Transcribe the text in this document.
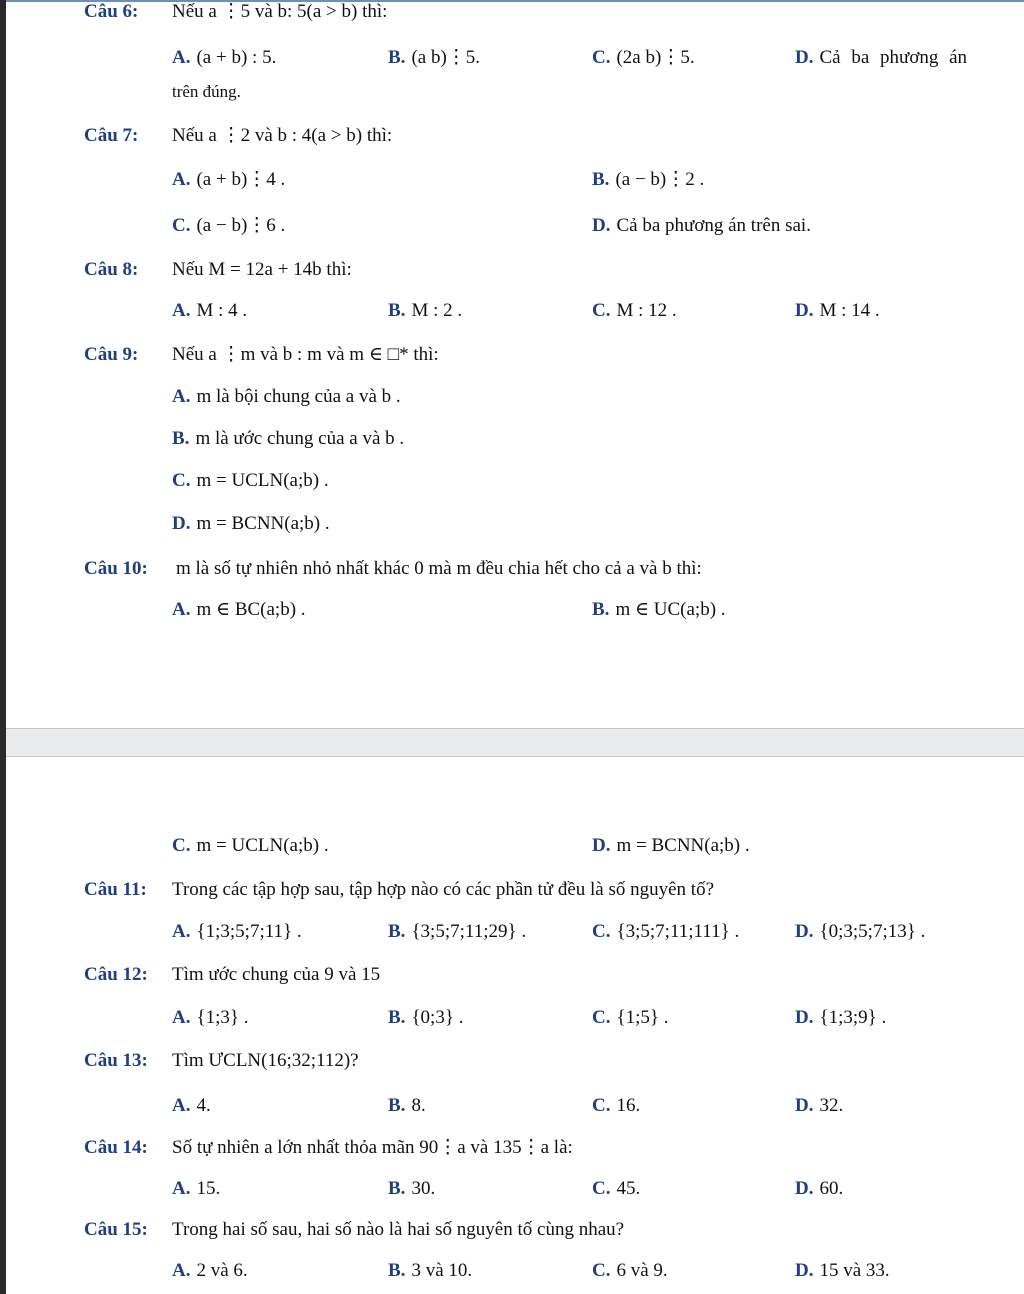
Câu 6: Nếu a ⋮5 và b: 5(a > b) thì:
A. (a + b) : 5.	B. (a b)⋮5.	C. (2a b)⋮5.	D. Cả ba phương án
trên đúng.
Câu 7: Nếu a ⋮2 và b : 4(a > b) thì:
A. (a + b)⋮4 .	B. (a − b)⋮2 .
C. (a − b)⋮6 .	D. Cả ba phương án trên sai.
Câu 8: Nếu M = 12a + 14b thì:
A. M : 4 .	B. M : 2 .	C. M : 12 .	D. M : 14 .
Câu 9: Nếu a ⋮m và b : m và m ∈ □* thì:
A. m là bội chung của a và b .
B. m là ước chung của a và b .
C. m = UCLN(a;b) .
D. m = BCNN(a;b) .
Câu 10: m là số tự nhiên nhỏ nhất khác 0 mà m đều chia hết cho cả a và b thì:
A. m ∈ BC(a;b) .	B. m ∈ UC(a;b) .
C. m = UCLN(a;b) .	D. m = BCNN(a;b) .
Câu 11: Trong các tập hợp sau, tập hợp nào có các phần tử đều là số nguyên tố?
A. {1;3;5;7;11} .	B. {3;5;7;11;29} .	C. {3;5;7;11;111} .	D. {0;3;5;7;13} .
Câu 12: Tìm ước chung của 9 và 15
A. {1;3} .	B. {0;3} .	C. {1;5} .	D. {1;3;9} .
Câu 13: Tìm ƯCLN(16;32;112)?
A. 4.	B. 8.	C. 16.	D. 32.
Câu 14: Số tự nhiên a lớn nhất thỏa mãn 90⋮a và 135⋮a là:
A. 15.	B. 30.	C. 45.	D. 60.
Câu 15: Trong hai số sau, hai số nào là hai số nguyên tố cùng nhau?
A. 2 và 6.	B. 3 và 10.	C. 6 và 9.	D. 15 và 33.
